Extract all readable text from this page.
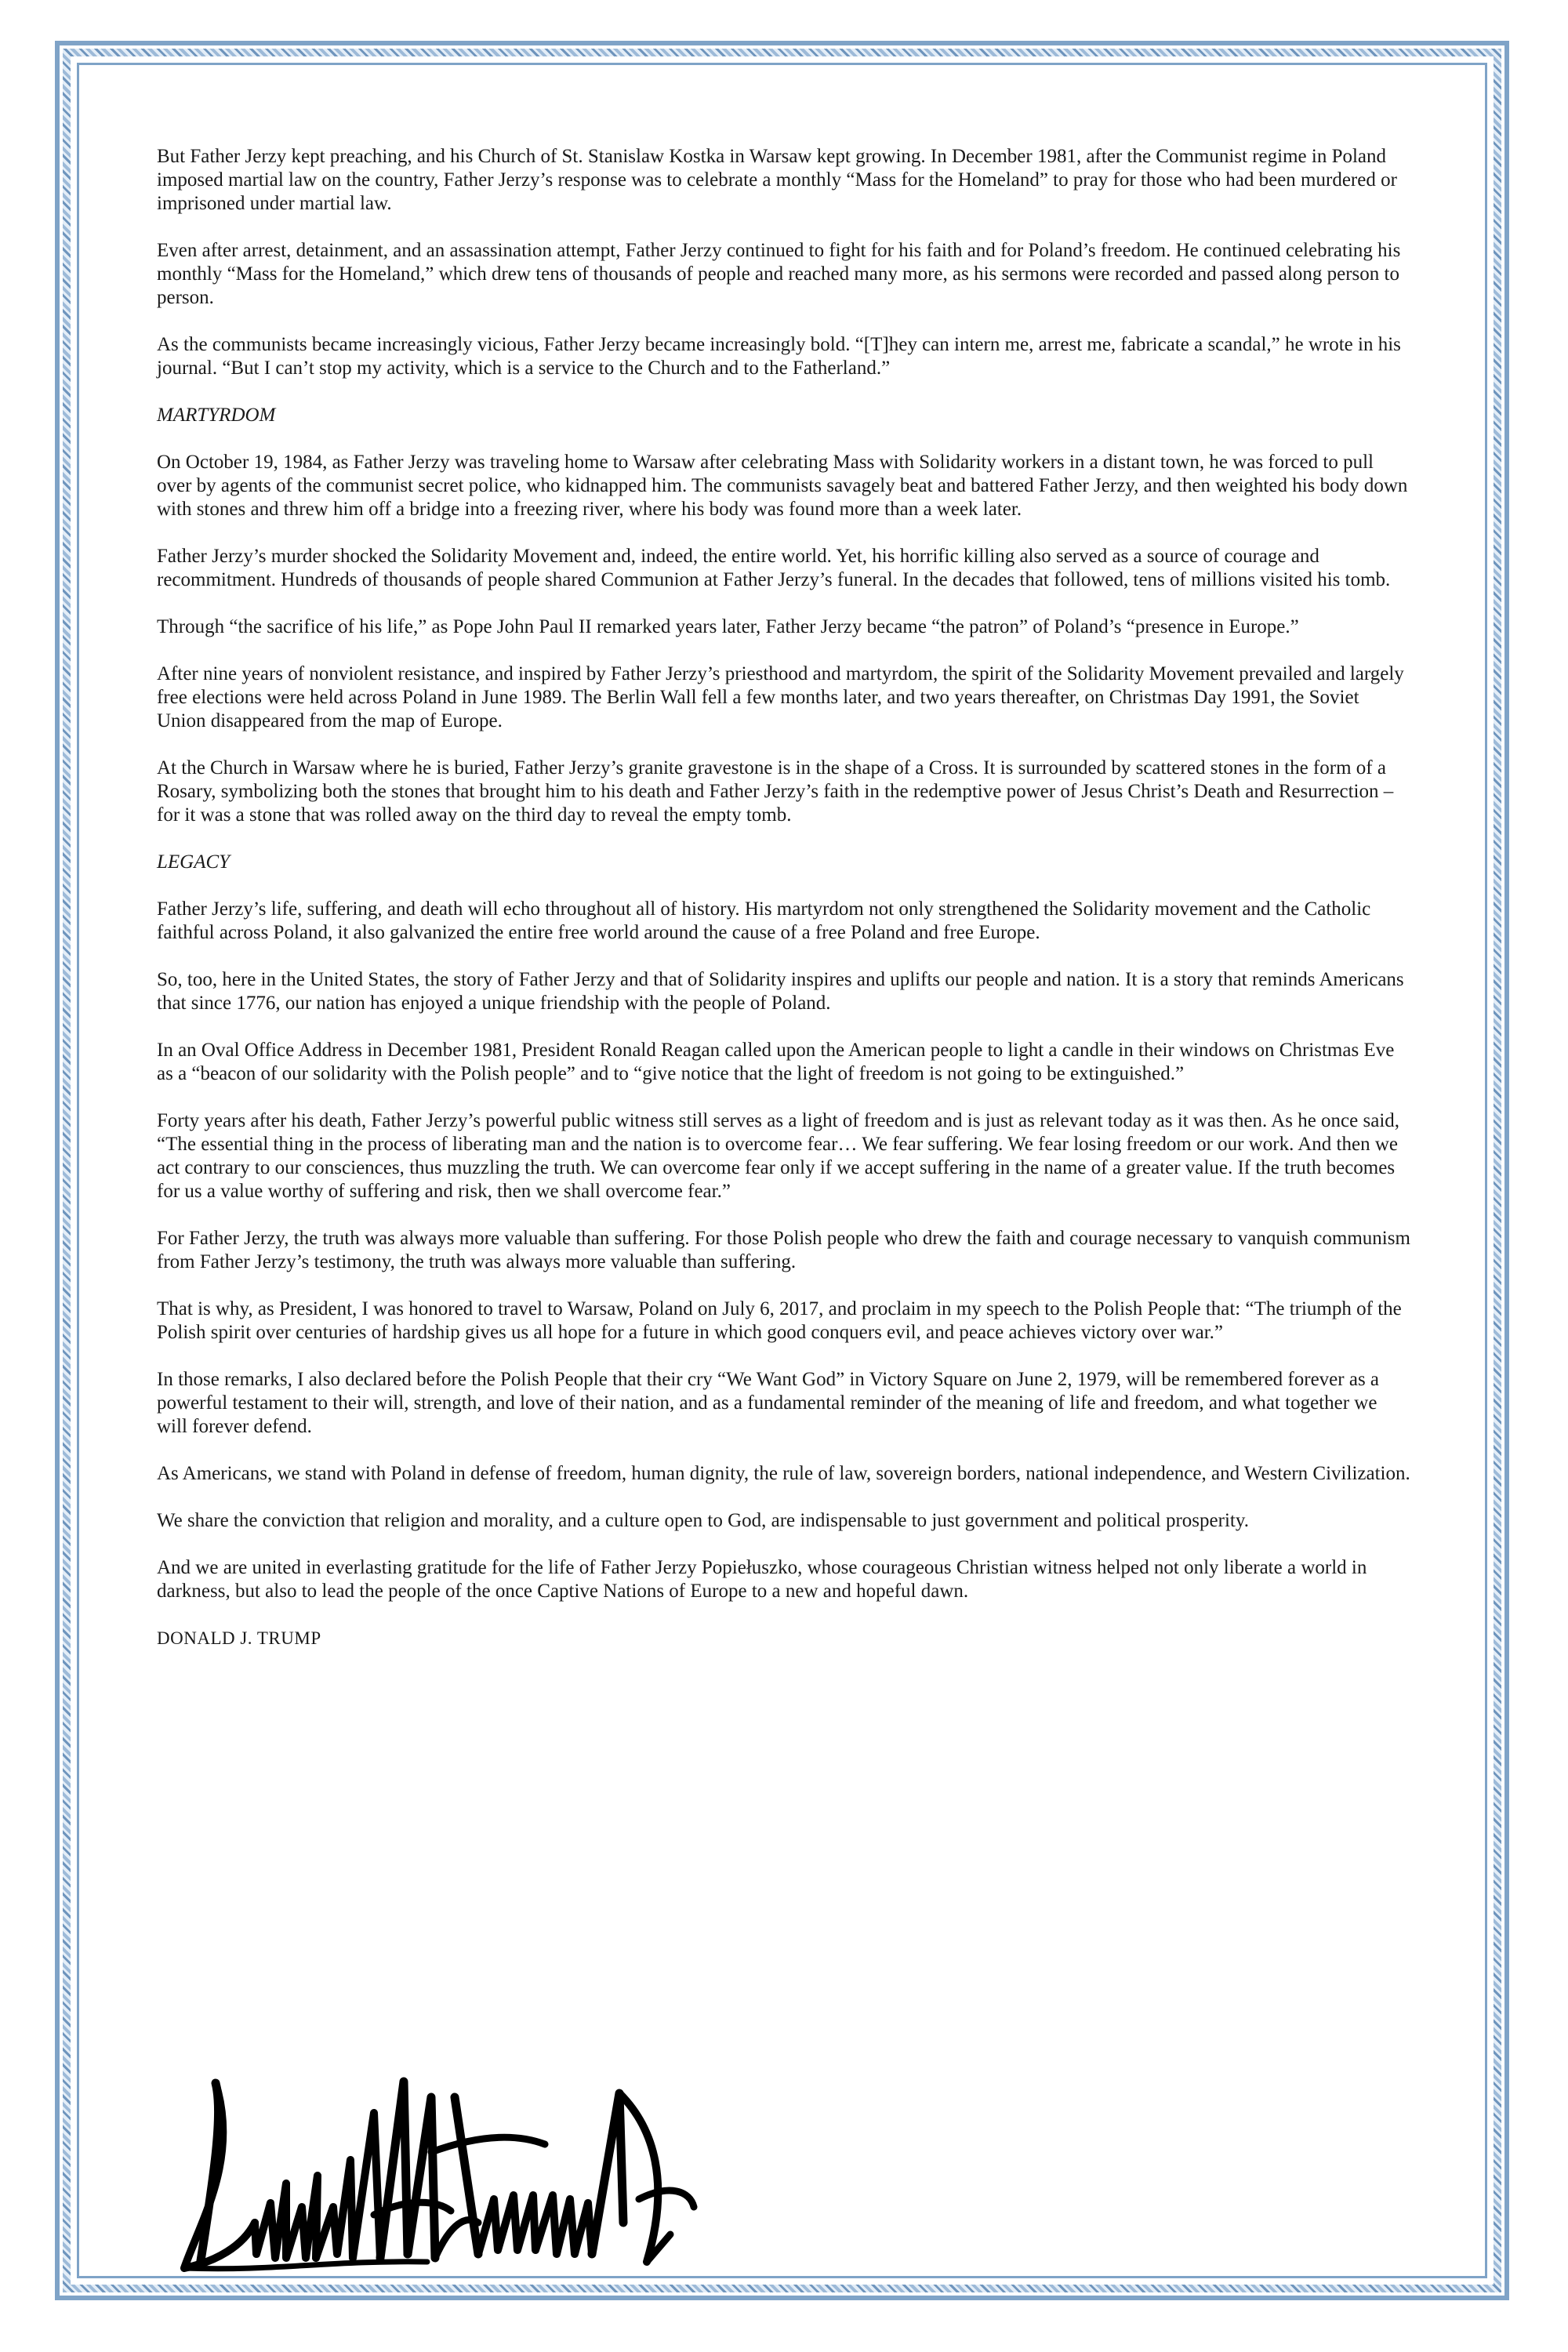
But Father Jerzy kept preaching, and his Church of St. Stanislaw Kostka in Warsaw kept growing. In December 1981, after the Communist regime in Poland imposed martial law on the country, Father Jerzy’s response was to celebrate a monthly “Mass for the Homeland” to pray for those who had been murdered or imprisoned under martial law.

Even after arrest, detainment, and an assassination attempt, Father Jerzy continued to fight for his faith and for Poland’s freedom. He continued celebrating his monthly “Mass for the Homeland,” which drew tens of thousands of people and reached many more, as his sermons were recorded and passed along person to person.

As the communists became increasingly vicious, Father Jerzy became increasingly bold. “[T]hey can intern me, arrest me, fabricate a scandal,” he wrote in his journal. “But I can’t stop my activity, which is a service to the Church and to the Fatherland.”

MARTYRDOM

On October 19, 1984, as Father Jerzy was traveling home to Warsaw after celebrating Mass with Solidarity workers in a distant town, he was forced to pull over by agents of the communist secret police, who kidnapped him. The communists savagely beat and battered Father Jerzy, and then weighted his body down with stones and threw him off a bridge into a freezing river, where his body was found more than a week later.

Father Jerzy’s murder shocked the Solidarity Movement and, indeed, the entire world. Yet, his horrific killing also served as a source of courage and recommitment. Hundreds of thousands of people shared Communion at Father Jerzy’s funeral. In the decades that followed, tens of millions visited his tomb.

Through “the sacrifice of his life,” as Pope John Paul II remarked years later, Father Jerzy became “the patron” of Poland’s “presence in Europe.”

After nine years of nonviolent resistance, and inspired by Father Jerzy’s priesthood and martyrdom, the spirit of the Solidarity Movement prevailed and largely free elections were held across Poland in June 1989. The Berlin Wall fell a few months later, and two years thereafter, on Christmas Day 1991, the Soviet Union disappeared from the map of Europe.

At the Church in Warsaw where he is buried, Father Jerzy’s granite gravestone is in the shape of a Cross. It is surrounded by scattered stones in the form of a Rosary, symbolizing both the stones that brought him to his death and Father Jerzy’s faith in the redemptive power of Jesus Christ’s Death and Resurrection – for it was a stone that was rolled away on the third day to reveal the empty tomb.

LEGACY

Father Jerzy’s life, suffering, and death will echo throughout all of history. His martyrdom not only strengthened the Solidarity movement and the Catholic faithful across Poland, it also galvanized the entire free world around the cause of a free Poland and free Europe.

So, too, here in the United States, the story of Father Jerzy and that of Solidarity inspires and uplifts our people and nation. It is a story that reminds Americans that since 1776, our nation has enjoyed a unique friendship with the people of Poland.

In an Oval Office Address in December 1981, President Ronald Reagan called upon the American people to light a candle in their windows on Christmas Eve as a “beacon of our solidarity with the Polish people” and to “give notice that the light of freedom is not going to be extinguished.”

Forty years after his death, Father Jerzy’s powerful public witness still serves as a light of freedom and is just as relevant today as it was then. As he once said, “The essential thing in the process of liberating man and the nation is to overcome fear… We fear suffering. We fear losing freedom or our work. And then we act contrary to our consciences, thus muzzling the truth. We can overcome fear only if we accept suffering in the name of a greater value. If the truth becomes for us a value worthy of suffering and risk, then we shall overcome fear.”

For Father Jerzy, the truth was always more valuable than suffering. For those Polish people who drew the faith and courage necessary to vanquish communism from Father Jerzy’s testimony, the truth was always more valuable than suffering.

That is why, as President, I was honored to travel to Warsaw, Poland on July 6, 2017, and proclaim in my speech to the Polish People that: “The triumph of the Polish spirit over centuries of hardship gives us all hope for a future in which good conquers evil, and peace achieves victory over war.”

In those remarks, I also declared before the Polish People that their cry “We Want God” in Victory Square on June 2, 1979, will be remembered forever as a powerful testament to their will, strength, and love of their nation, and as a fundamental reminder of the meaning of life and freedom, and what together we will forever defend.

As Americans, we stand with Poland in defense of freedom, human dignity, the rule of law, sovereign borders, national independence, and Western Civilization.

We share the conviction that religion and morality, and a culture open to God, are indispensable to just government and political prosperity.

And we are united in everlasting gratitude for the life of Father Jerzy Popiełuszko, whose courageous Christian witness helped not only liberate a world in darkness, but also to lead the people of the once Captive Nations of Europe to a new and hopeful dawn.

DONALD J. TRUMP
